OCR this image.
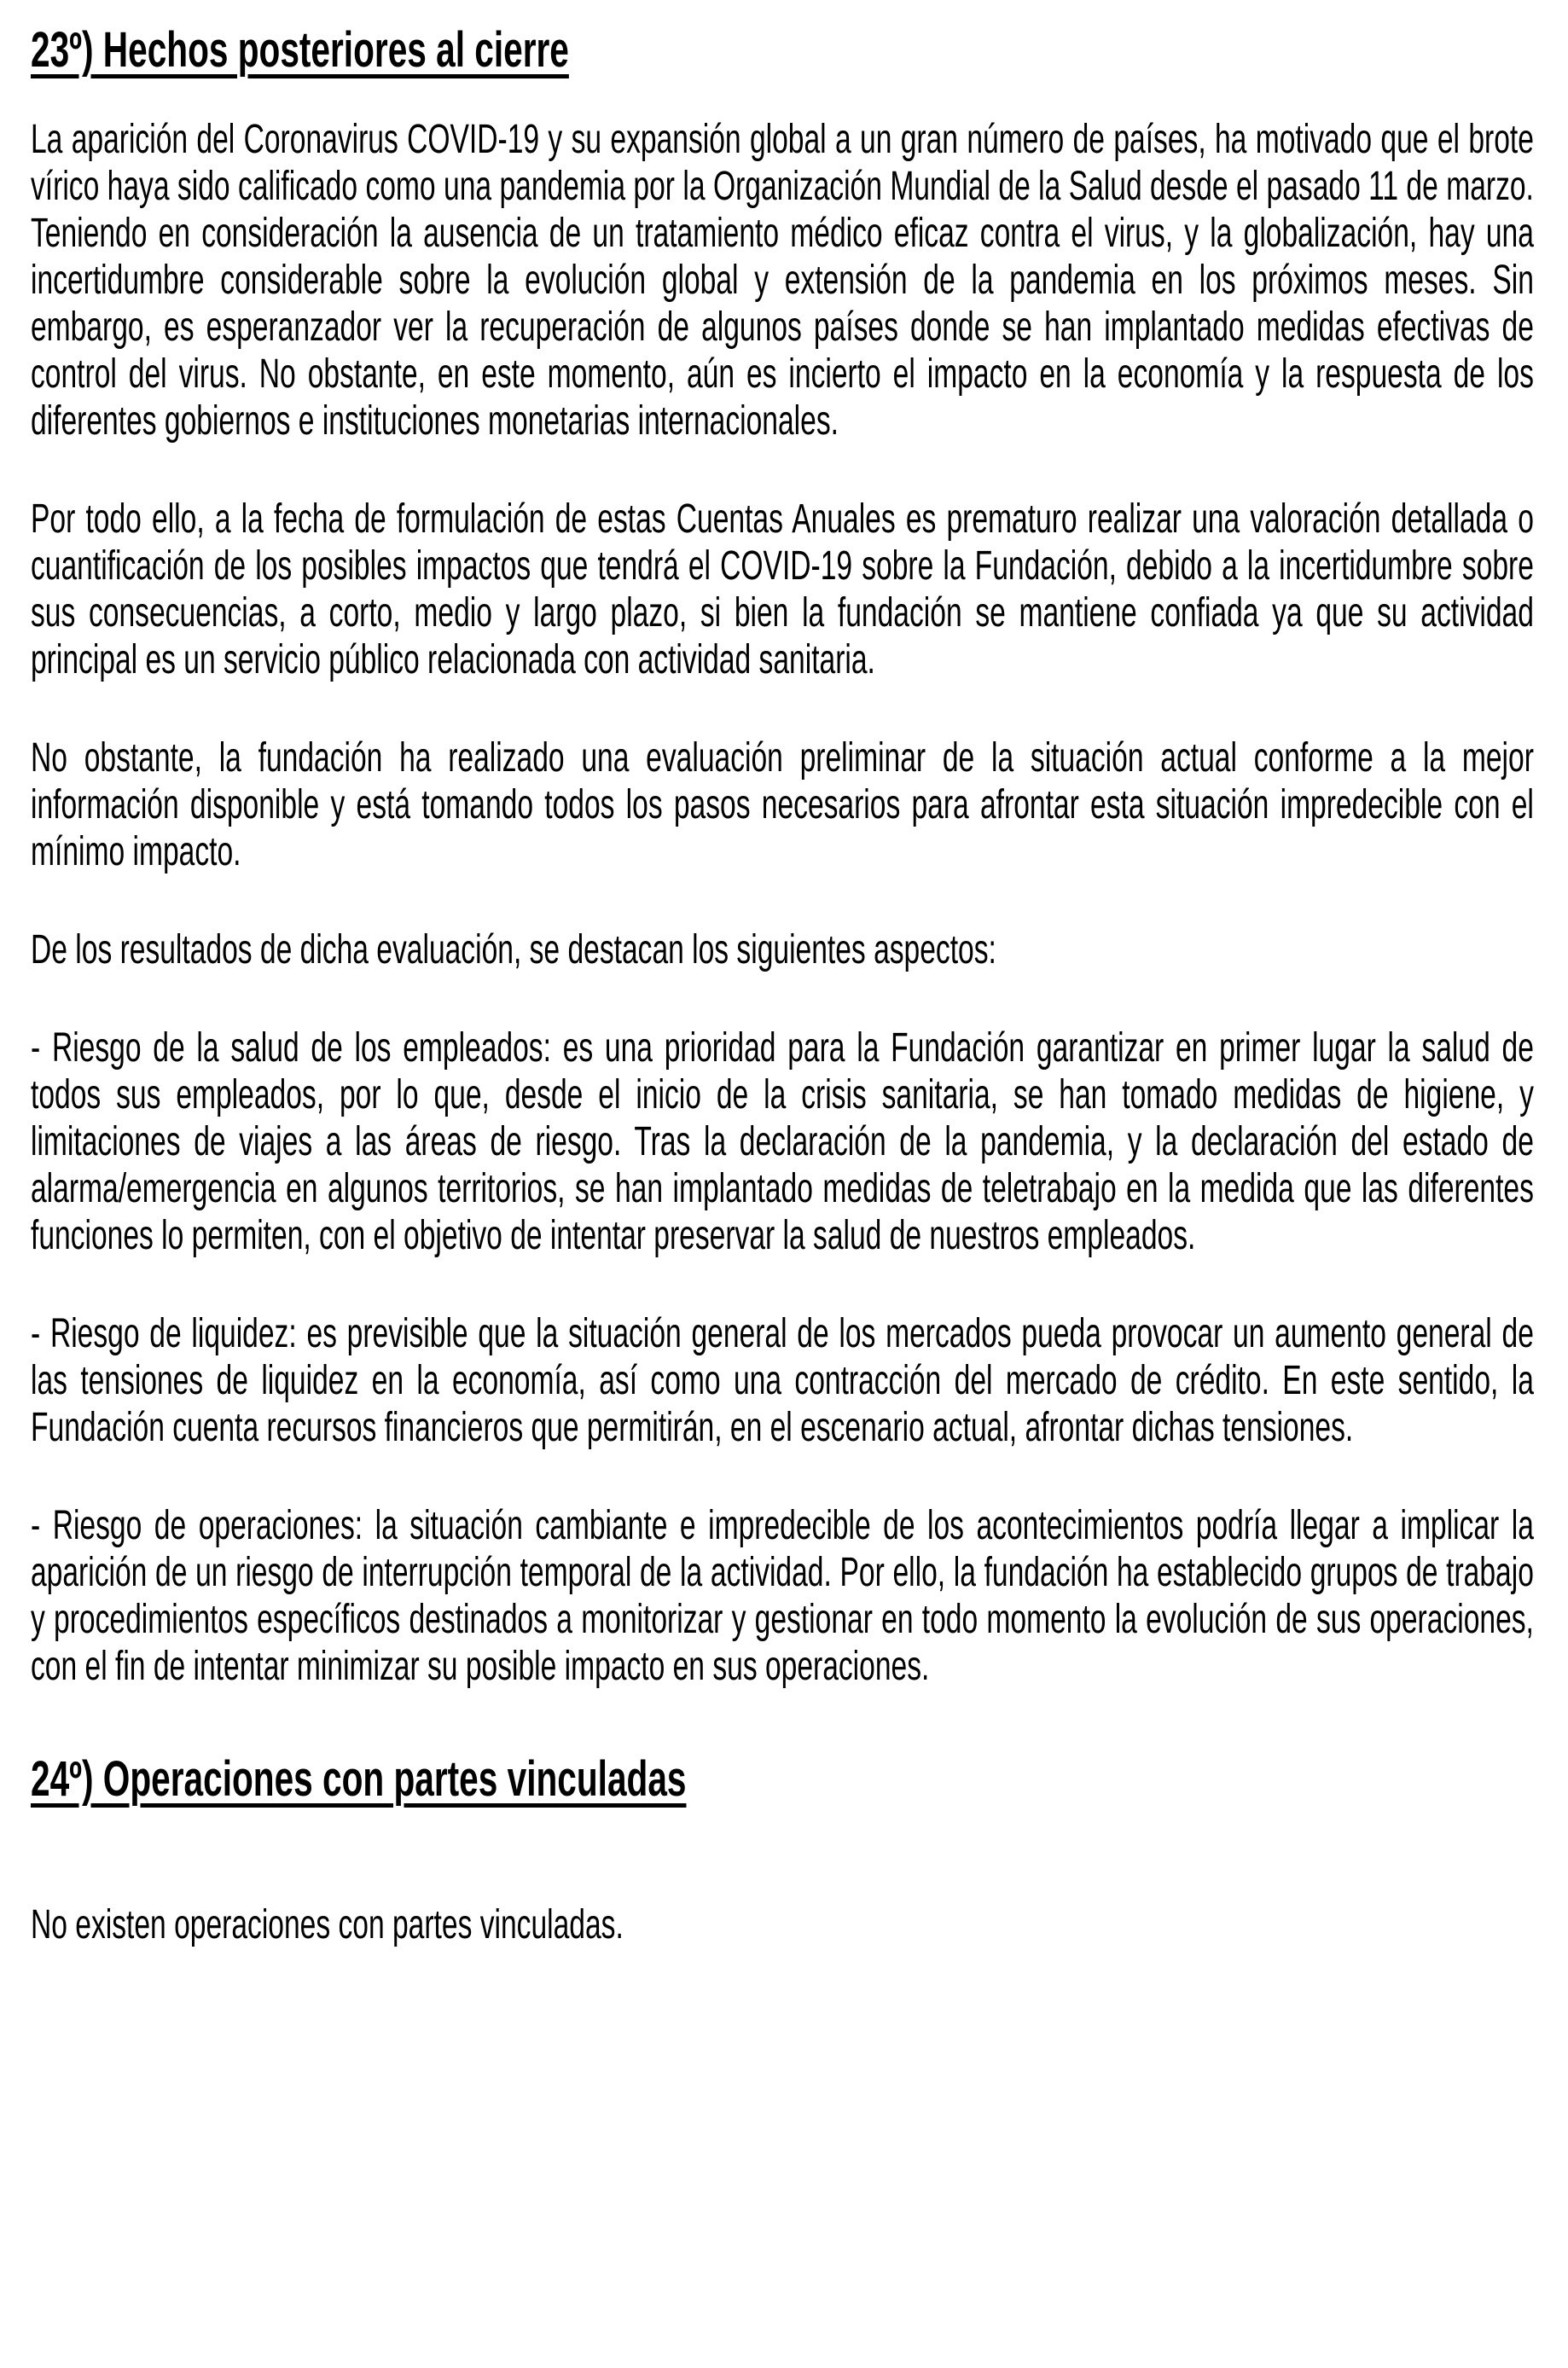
23º) Hechos posteriores al cierre

La aparición del Coronavirus COVID-19 y su expansión global a un gran número de países, ha motivado que el brote vírico haya sido calificado como una pandemia por la Organización Mundial de la Salud desde el pasado 11 de marzo. Teniendo en consideración la ausencia de un tratamiento médico eficaz contra el virus, y la globalización, hay una incertidumbre considerable sobre la evolución global y extensión de la pandemia en los próximos meses. Sin embargo, es esperanzador ver la recuperación de algunos países donde se han implantado medidas efectivas de control del virus. No obstante, en este momento, aún es incierto el impacto en la economía y la respuesta de los diferentes gobiernos e instituciones monetarias internacionales.

Por todo ello, a la fecha de formulación de estas Cuentas Anuales es prematuro realizar una valoración detallada o cuantificación de los posibles impactos que tendrá el COVID-19 sobre la Fundación, debido a la incertidumbre sobre sus consecuencias, a corto, medio y largo plazo, si bien la fundación se mantiene confiada ya que su actividad principal es un servicio público relacionada con actividad sanitaria.

No obstante, la fundación ha realizado una evaluación preliminar de la situación actual conforme a la mejor información disponible y está tomando todos los pasos necesarios para afrontar esta situación impredecible con el mínimo impacto.

De los resultados de dicha evaluación, se destacan los siguientes aspectos:

- Riesgo de la salud de los empleados: es una prioridad para la Fundación garantizar en primer lugar la salud de todos sus empleados, por lo que, desde el inicio de la crisis sanitaria, se han tomado medidas de higiene, y limitaciones de viajes a las áreas de riesgo. Tras la declaración de la pandemia, y la declaración del estado de alarma/emergencia en algunos territorios, se han implantado medidas de teletrabajo en la medida que las diferentes funciones lo permiten, con el objetivo de intentar preservar la salud de nuestros empleados.

- Riesgo de liquidez: es previsible que la situación general de los mercados pueda provocar un aumento general de las tensiones de liquidez en la economía, así como una contracción del mercado de crédito. En este sentido, la Fundación cuenta recursos financieros que permitirán, en el escenario actual, afrontar dichas tensiones.

- Riesgo de operaciones: la situación cambiante e impredecible de los acontecimientos podría llegar a implicar la aparición de un riesgo de interrupción temporal de la actividad. Por ello, la fundación ha establecido grupos de trabajo y procedimientos específicos destinados a monitorizar y gestionar en todo momento la evolución de sus operaciones, con el fin de intentar minimizar su posible impacto en sus operaciones.

24º) Operaciones con partes vinculadas

No existen operaciones con partes vinculadas.
